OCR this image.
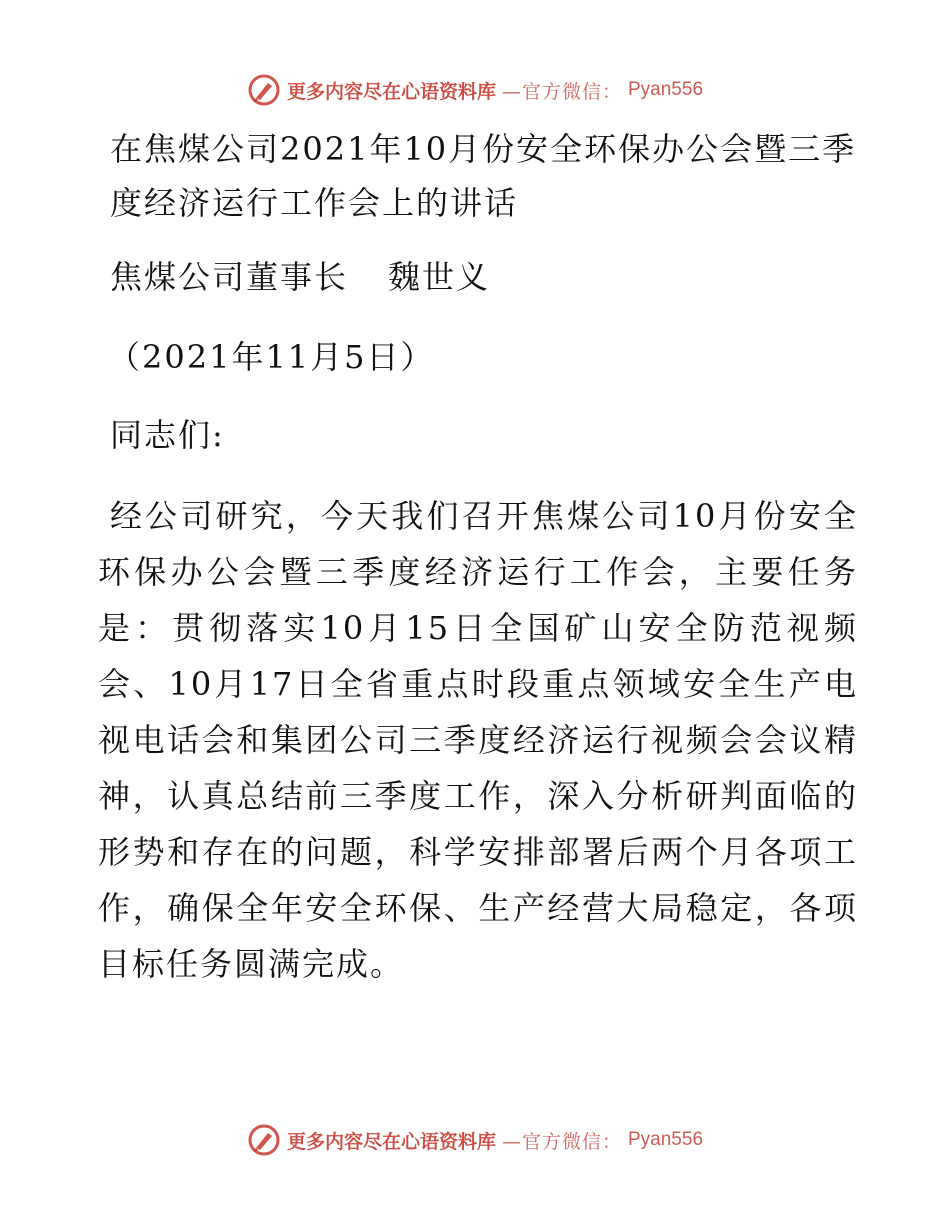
更多内容尽在心语资料库 —官方微信： Pyan556
在焦煤公司2021年10月份安全环保办公会暨三季度经济运行工作会上的讲话
焦煤公司董事长 魏世义
（2021年11月5日）
同志们:
经公司研究，今天我们召开焦煤公司10月份安全环保办公会暨三季度经济运行工作会，主要任务是：贯彻落实10月15日全国矿山安全防范视频会、10月17日全省重点时段重点领域安全生产电视电话会和集团公司三季度经济运行视频会会议精神，认真总结前三季度工作，深入分析研判面临的形势和存在的问题，科学安排部署后两个月各项工作，确保全年安全环保、生产经营大局稳定，各项目标任务圆满完成。
更多内容尽在心语资料库 —官方微信： Pyan556
